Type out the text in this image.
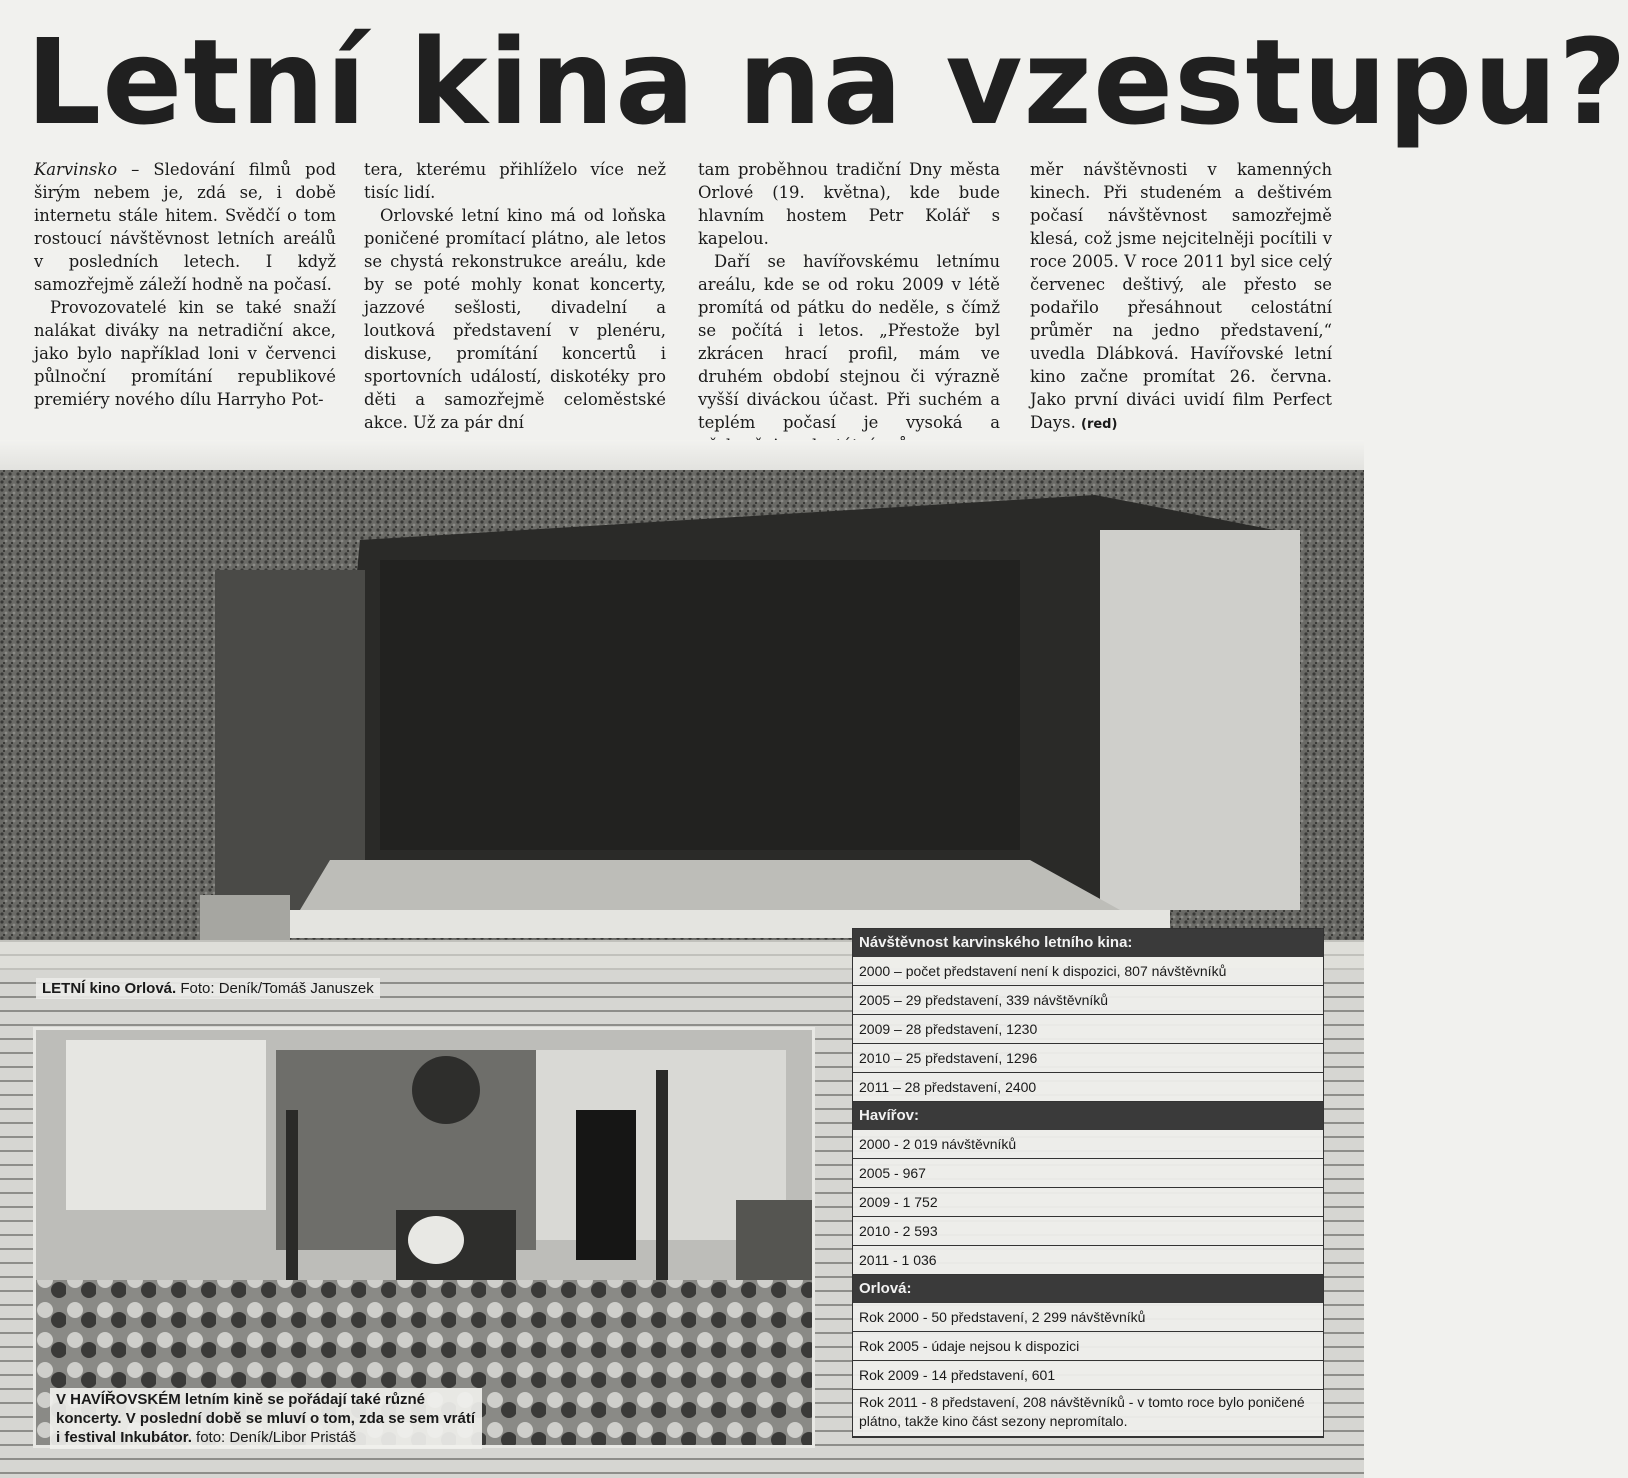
Letní kina na vzestupu?

Karvinsko – Sledování filmů pod širým nebem je, zdá se, i době internetu stále hitem. Svědčí o tom rostoucí návštěvnost letních areálů v posledních letech. I když samozřejmě záleží hodně na počasí.

Provozovatelé kin se také snaží nalákat diváky na netradiční akce, jako bylo například loni v červenci půlnoční promítání republikové premiéry nového dílu Harryho Pot-

tera, kterému přihlíželo více než tisíc lidí.

Orlovské letní kino má od loňska poničené promítací plátno, ale letos se chystá rekonstrukce areálu, kde by se poté mohly konat koncerty, jazzové sešlosti, divadelní a loutková představení v plenéru, diskuse, promítání koncertů i sportovních událostí, diskotéky pro děti a samozřejmě celoměstské akce. Už za pár dní

tam proběhnou tradiční Dny města Orlové (19. května), kde bude hlavním hostem Petr Kolář s kapelou.

Daří se havířovskému letnímu areálu, kde se od roku 2009 v létě promítá od pátku do neděle, s čímž se počítá i letos. „Přestože byl zkrácen hrací profil, mám ve druhém období stejnou či výrazně vyšší diváckou účast. Při suchém a teplém počasí je vysoká a

měr návštěvnosti v kamenných kinech. Při studeném a deštivém počasí návštěvnost samozřejmě klesá, což jsme nejcitelněji pocítili v roce 2005. V roce 2011 byl sice celý červenec deštivý, ale přesto se podařilo přesáhnout celostátní průměr na jedno představení,“ uvedla Dlábková. Havířovské letní kino začne promítat 26. června. Jako první diváci uvidí film Perfect Days. (red)

LETNÍ kino Orlová. Foto: Deník/Tomáš Januszek
V HAVÍŘOVSKÉM letním kině se pořádají také různé koncerty. V poslední době se mluví o tom, zda se sem vrátí i festival Inkubátor. foto: Deník/Libor Pristáš
Návštěvnost karvinského letního kina:
2000 – počet představení není k dispozici, 807 návštěvníků
2005 – 29 představení, 339 návštěvníků
2009 – 28 představení, 1230
2010 – 25 představení, 1296
2011 – 28 představení, 2400
Havířov:
2000 - 2 019 návštěvníků
2005 - 967
2009 - 1 752
2010 - 2 593
2011 - 1 036
Orlová:
Rok 2000 - 50 představení, 2 299 návštěvníků
Rok 2005 - údaje nejsou k dispozici
Rok 2009 - 14 představení, 601
Rok 2011 - 8 představení, 208 návštěvníků - v tomto roce bylo poničené plátno, takže kino část sezony nepromítalo.
